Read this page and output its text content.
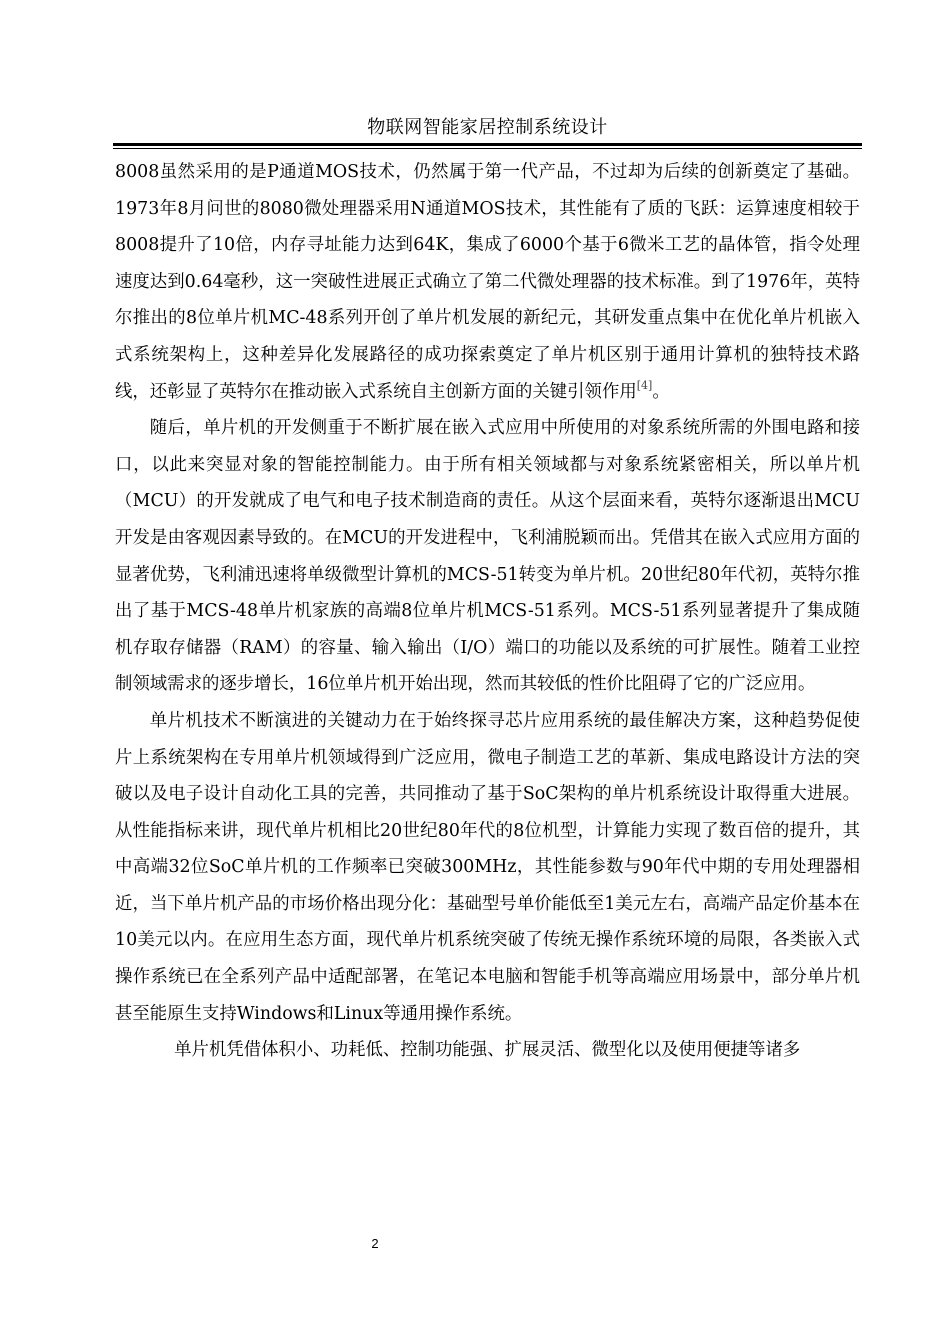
物联网智能家居控制系统设计

8008虽然采用的是P通道MOS技术，仍然属于第一代产品，不过却为后续的创新奠定了基础。1973年8月问世的8080微处理器采用N通道MOS技术，其性能有了质的飞跃：运算速度相较于8008提升了10倍，内存寻址能力达到64K，集成了6000个基于6微米工艺的晶体管，指令处理速度达到0.64毫秒，这一突破性进展正式确立了第二代微处理器的技术标准。到了1976年，英特尔推出的8位单片机MC-48系列开创了单片机发展的新纪元，其研发重点集中在优化单片机嵌入式系统架构上，这种差异化发展路径的成功探索奠定了单片机区别于通用计算机的独特技术路线，还彰显了英特尔在推动嵌入式系统自主创新方面的关键引领作用[4]。

随后，单片机的开发侧重于不断扩展在嵌入式应用中所使用的对象系统所需的外围电路和接口，以此来突显对象的智能控制能力。由于所有相关领域都与对象系统紧密相关，所以单片机（MCU）的开发就成了电气和电子技术制造商的责任。从这个层面来看，英特尔逐渐退出MCU开发是由客观因素导致的。在MCU的开发进程中，飞利浦脱颖而出。凭借其在嵌入式应用方面的显著优势，飞利浦迅速将单级微型计算机的MCS-51转变为单片机。20世纪80年代初，英特尔推出了基于MCS-48单片机家族的高端8位单片机MCS-51系列。MCS-51系列显著提升了集成随机存取存储器（RAM）的容量、输入输出（I/O）端口的功能以及系统的可扩展性。随着工业控制领域需求的逐步增长，16位单片机开始出现，然而其较低的性价比阻碍了它的广泛应用。

单片机技术不断演进的关键动力在于始终探寻芯片应用系统的最佳解决方案，这种趋势促使片上系统架构在专用单片机领域得到广泛应用，微电子制造工艺的革新、集成电路设计方法的突破以及电子设计自动化工具的完善，共同推动了基于SoC架构的单片机系统设计取得重大进展。从性能指标来讲，现代单片机相比20世纪80年代的8位机型，计算能力实现了数百倍的提升，其中高端32位SoC单片机的工作频率已突破300MHz，其性能参数与90年代中期的专用处理器相近，当下单片机产品的市场价格出现分化：基础型号单价能低至1美元左右，高端产品定价基本在10美元以内。在应用生态方面，现代单片机系统突破了传统无操作系统环境的局限，各类嵌入式操作系统已在全系列产品中适配部署，在笔记本电脑和智能手机等高端应用场景中，部分单片机甚至能原生支持Windows和Linux等通用操作系统。

单片机凭借体积小、功耗低、控制功能强、扩展灵活、微型化以及使用便捷等诸多

2
